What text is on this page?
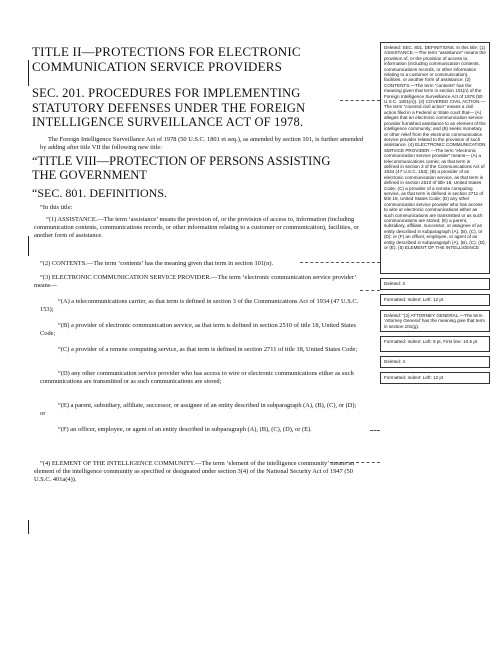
TITLE II—PROTECTIONS FOR ELECTRONIC
COMMUNICATION SERVICE PROVIDERS
SEC. 201. PROCEDURES FOR IMPLEMENTING
STATUTORY DEFENSES UNDER THE FOREIGN
INTELLIGENCE SURVEILLANCE ACT OF 1978.
The Foreign Intelligence Surveillance Act of 1978 (50 U.S.C. 1801 et seq.), as amended by section 101, is further amended by adding after title VII the following new title:
“TITLE VIII—PROTECTION OF PERSONS ASSISTING
THE GOVERNMENT
“SEC. 801. DEFINITIONS.
“In this title:
“(1) ASSISTANCE.—The term ‘assistance’ means the provision of, or the provision of access to, information (including communication contents, communications records, or other information relating to a customer or communication), facilities, or another form of assistance.
“(2) CONTENTS.—The term ‘contents’ has the meaning given that term in section 101(n).
“(3) ELECTRONIC COMMUNICATION SERVICE PROVIDER.—The term ‘electronic communication service provider’ means—
“(A) a telecommunications carrier, as that term is defined in section 3 of the Communications Act of 1934 (47 U.S.C. 153);
“(B) a provider of electronic communication service, as that term is defined in section 2510 of title 18, United States Code;
“(C) a provider of a remote computing service, as that term is defined in section 2711 of title 18, United States Code;
“(D) any other communication service provider who has access to wire or electronic communications either as such communications are transmitted or as such communications are stored;
“(E) a parent, subsidiary, affiliate, successor, or assignee of an entity described in subparagraph (A), (B), (C), or (D); or
“(F) an officer, employee, or agent of an entity described in subparagraph (A), (B), (C), (D), or (E).
“(4) ELEMENT OF THE INTELLIGENCE COMMUNITY.—The term ‘element of the intelligence community’ means an element of the intelligence community as specified or designated under section 3(4) of the National Security Act of 1947 (50 U.S.C. 401a(4)).
Deleted: SEC. 801. DEFINITIONS. In this title: (1) ASSISTANCE.—The term “assistance” means the provision of, or the provision of access to, information (including communication contents, communications records, or other information relating to a customer or communication), facilities, or another form of assistance. (2) CONTENTS.—The term “contents” has the meaning given that term in section 101(n) of the Foreign Intelligence Surveillance Act of 1978 (50 U.S.C. 1801(n)). (3) COVERED CIVIL ACTION.—The term “covered civil action” means a civil action filed in a Federal or State court that— (A) alleges that an electronic communication service provider furnished assistance to an element of the intelligence community; and (B) seeks monetary or other relief from the electronic communication service provider related to the provision of such assistance. (4) ELECTRONIC COMMUNICATION SERVICE PROVIDER.—The term “electronic communication service provider” means— (A) a telecommunications carrier, as that term is defined in section 3 of the Communications Act of 1934 (47 U.S.C. 153); (B) a provider of an electronic communication service, as that term is defined in section 2510 of title 18, United States Code; (C) a provider of a remote computing service, as that term is defined in section 2711 of title 18, United States Code; (D) any other communication service provider who has access to wire or electronic communications either as such communications are transmitted or as such communications are stored; (E) a parent, subsidiary, affiliate, successor, or assignee of an entity described in subparagraph (A), (B), (C), or (D); or (F) an officer, employee, or agent of an entity described in subparagraph (A), (B), (C), (D), or (E). (5) ELEMENT OF THE INTELLIGENCE
Deleted: 3
Formatted: Indent: Left: 12 pt
Deleted: “(2) ATTORNEY GENERAL.—The term ‘Attorney General’ has the meaning give that term in section 101(g).
Formatted: Indent: Left: 9 pt, First line: 10.5 pt
Deleted: 4
Formatted: Indent: Left: 12 pt
